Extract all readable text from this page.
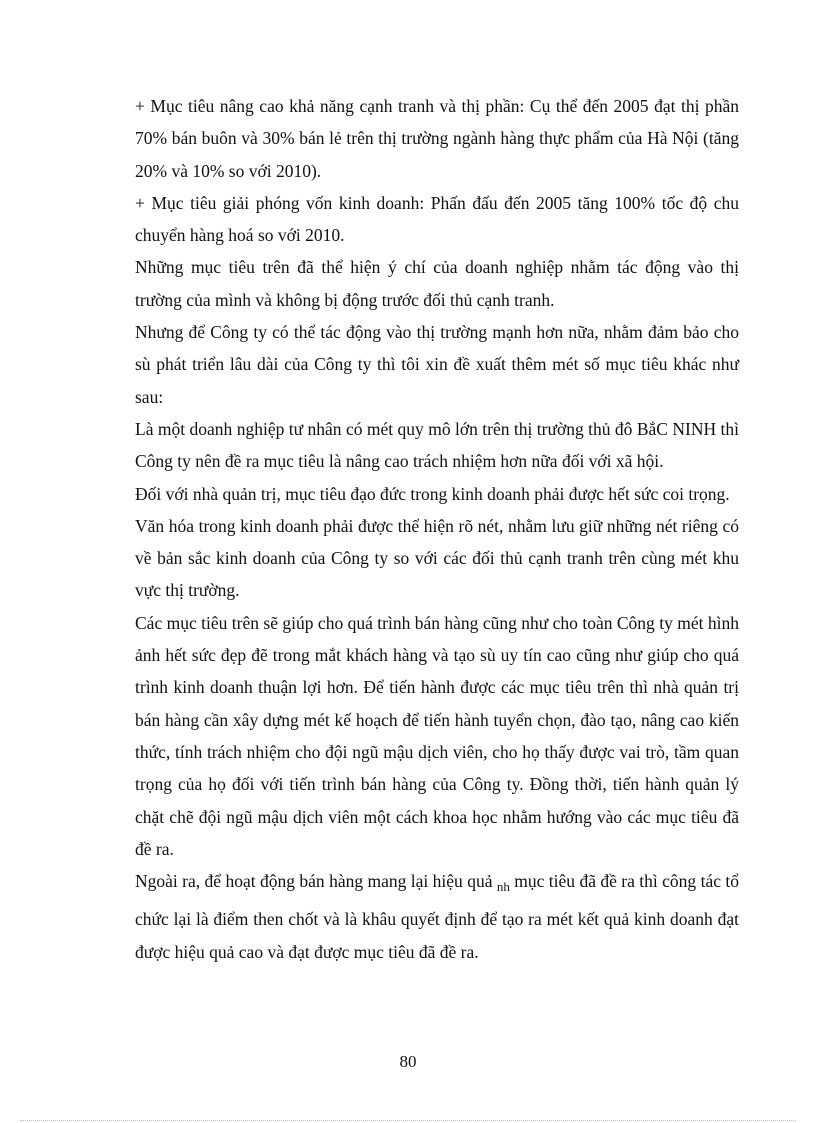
+ Mục tiêu nâng cao khả năng cạnh tranh và thị phần: Cụ thể đến 2005 đạt thị phần 70% bán buôn và 30% bán lẻ trên thị trường ngành hàng thực phẩm của Hà Nội (tăng 20% và 10% so với 2010).

+ Mục tiêu giải phóng vốn kinh doanh: Phấn đấu đến 2005 tăng 100% tốc độ chu chuyển hàng hoá so với 2010.

Những mục tiêu trên đã thể hiện ý chí của doanh nghiệp nhằm tác động vào thị trường của mình và không bị động trước đối thủ cạnh tranh.

Nhưng để Công ty có thể tác động vào thị trường mạnh hơn nữa, nhằm đảm bảo cho sù phát triển lâu dài của Công ty thì tôi xin đề xuất thêm mét số mục tiêu khác như sau:

Là một doanh nghiệp tư nhân có mét quy mô lớn trên thị trường thủ đô BắC NINH thì Công ty nên đề ra mục tiêu là nâng cao trách nhiệm hơn nữa đối với xã hội.

Đối với nhà quản trị, mục tiêu đạo đức trong kinh doanh phải được hết sức coi trọng.

Văn hóa trong kinh doanh phải được thể hiện rõ nét, nhằm lưu giữ những nét riêng có về bản sắc kinh doanh của Công ty so với các đối thủ cạnh tranh trên cùng mét khu vực thị trường.

Các mục tiêu trên sẽ giúp cho quá trình bán hàng cũng như cho toàn Công ty mét hình ảnh hết sức đẹp đẽ trong mắt khách hàng và tạo sù uy tín cao cũng như giúp cho quá trình kinh doanh thuận lợi hơn. Để tiến hành được các mục tiêu trên thì nhà quản trị bán hàng cần xây dựng mét kế hoạch để tiến hành tuyển chọn, đào tạo, nâng cao kiến thức, tính trách nhiệm cho đội ngũ mậu dịch viên, cho họ thấy được vai trò, tầm quan trọng của họ đối với tiến trình bán hàng của Công ty. Đồng thời, tiến hành quản lý chặt chẽ đội ngũ mậu dịch viên một cách khoa học nhằm hướng vào các mục tiêu đã đề ra.

Ngoài ra, để hoạt động bán hàng mang lại hiệu quả $_{nh}$ mục tiêu đã đề ra thì công tác tổ chức lại là điểm then chốt và là khâu quyết định để tạo ra mét kết quả kinh doanh đạt được hiệu quả cao và đạt được mục tiêu đã đề ra.

80
